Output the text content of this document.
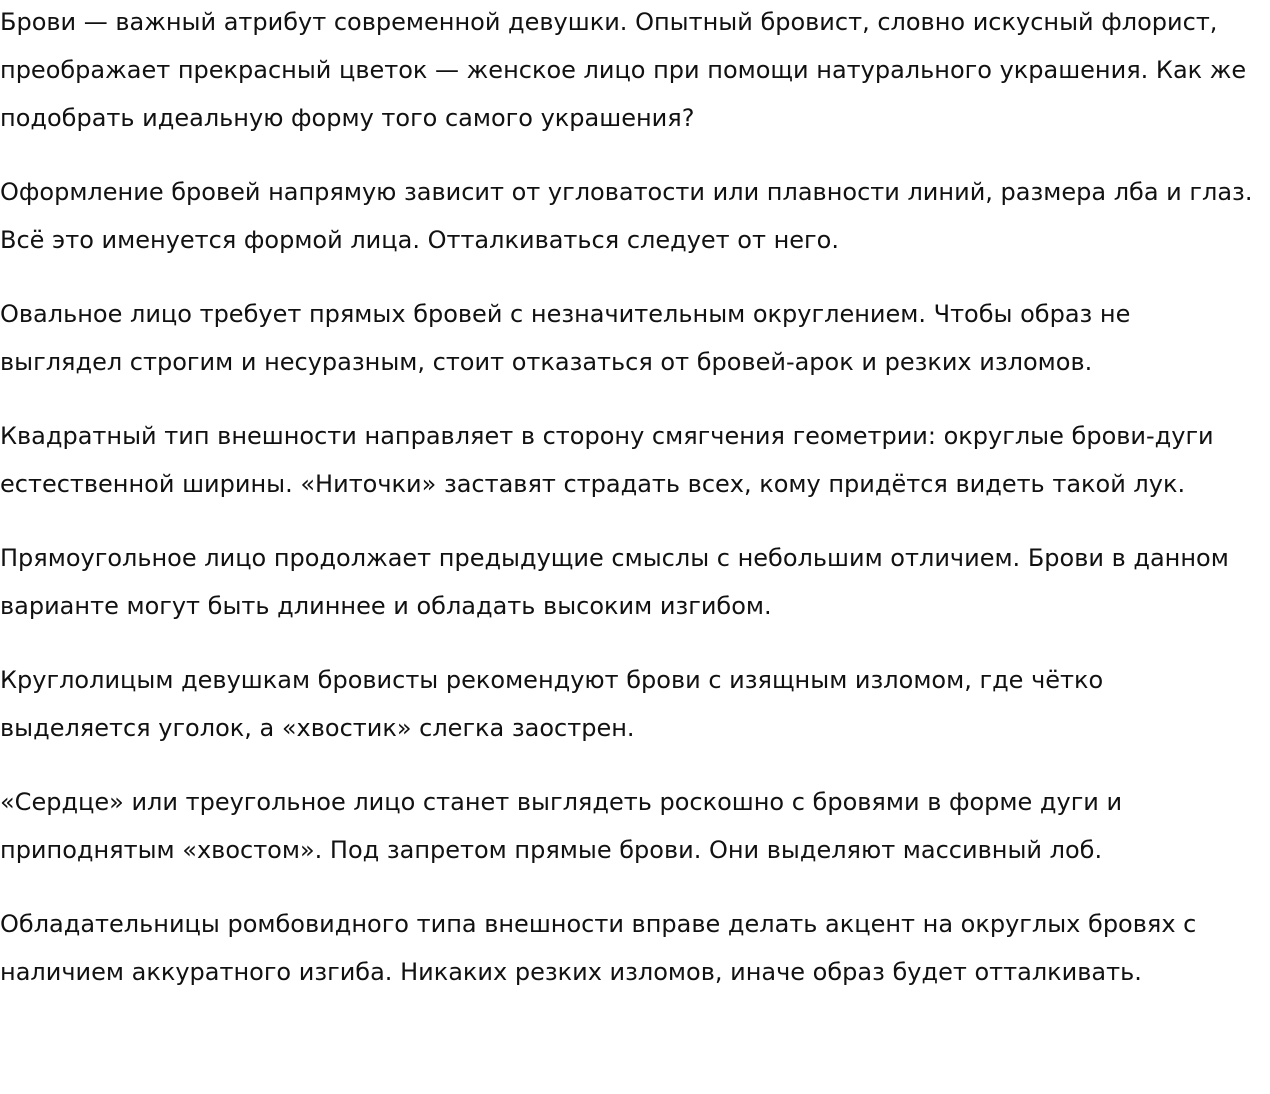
Брови — важный атрибут современной девушки. Опытный бровист, словно искусный флорист, преображает прекрасный цветок — женское лицо при помощи натурального украшения. Как же подобрать идеальную форму того самого украшения?

Оформление бровей напрямую зависит от угловатости или плавности линий, размера лба и глаз. Всё это именуется формой лица. Отталкиваться следует от него.

Овальное лицо требует прямых бровей с незначительным округлением. Чтобы образ не выглядел строгим и несуразным, стоит отказаться от бровей-арок и резких изломов.

Квадратный тип внешности направляет в сторону смягчения геометрии: округлые брови-дуги естественной ширины. «Ниточки» заставят страдать всех, кому придётся видеть такой лук.

Прямоугольное лицо продолжает предыдущие смыслы с небольшим отличием. Брови в данном варианте могут быть длиннее и обладать высоким изгибом.

Круглолицым девушкам бровисты рекомендуют брови с изящным изломом, где чётко выделяется уголок, а «хвостик» слегка заострен.

«Сердце» или треугольное лицо станет выглядеть роскошно с бровями в форме дуги и приподнятым «хвостом». Под запретом прямые брови. Они выделяют массивный лоб.

Обладательницы ромбовидного типа внешности вправе делать акцент на округлых бровях с наличием аккуратного изгиба. Никаких резких изломов, иначе образ будет отталкивать.
